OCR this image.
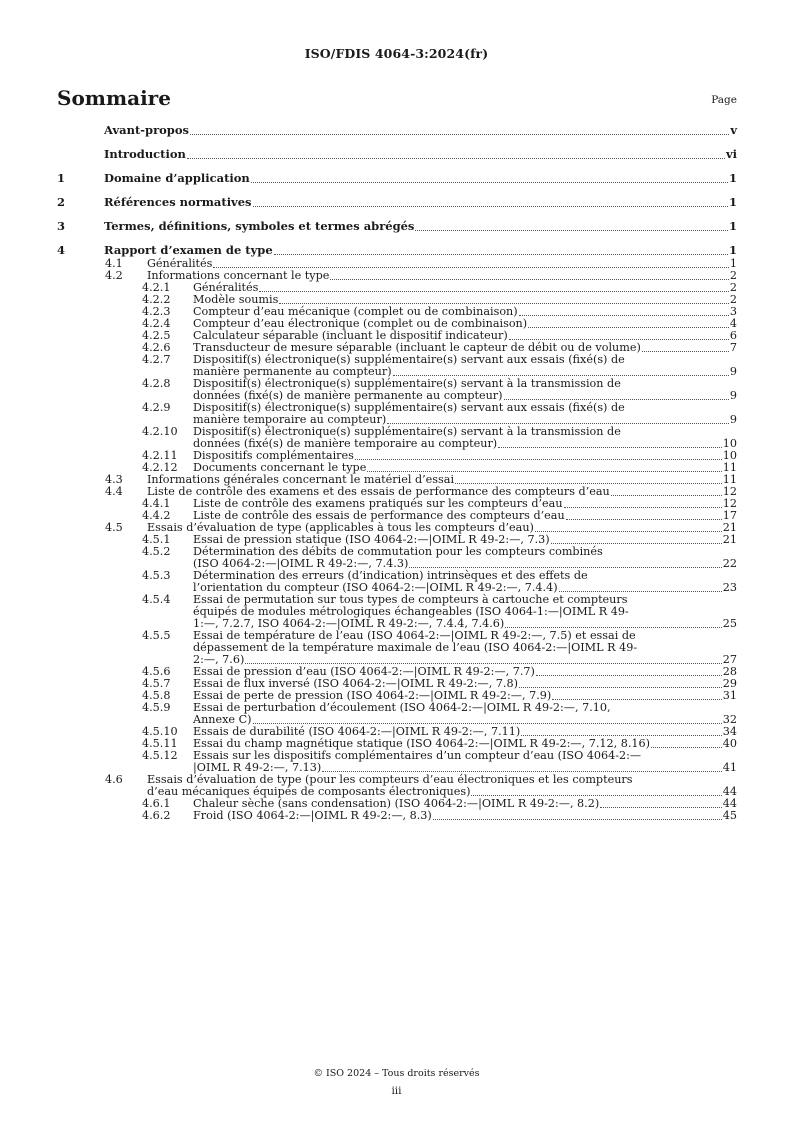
ISO/FDIS 4064-3:2024(fr)
Sommaire	Page
Avant-propos	v
Introduction	vi
1	Domaine d’application	1
2	Références normatives	1
3	Termes, définitions, symboles et termes abrégés	1
4	Rapport d’examen de type	1
4.1 Généralités	1
4.2 Informations concernant le type	2
4.2.1 Généralités	2
4.2.2 Modèle soumis	2
4.2.3 Compteur d’eau mécanique (complet ou de combinaison)	3
4.2.4 Compteur d’eau électronique (complet ou de combinaison)	4
4.2.5 Calculateur séparable (incluant le dispositif indicateur)	6
4.2.6 Transducteur de mesure séparable (incluant le capteur de débit ou de volume)	7
4.2.7 Dispositif(s) électronique(s) supplémentaire(s) servant aux essais (fixé(s) de
manière permanente au compteur)	9
4.2.8 Dispositif(s) électronique(s) supplémentaire(s) servant à la transmission de
données (fixé(s) de manière permanente au compteur)	9
4.2.9 Dispositif(s) électronique(s) supplémentaire(s) servant aux essais (fixé(s) de
manière temporaire au compteur)	9
4.2.10 Dispositif(s) électronique(s) supplémentaire(s) servant à la transmission de
données (fixé(s) de manière temporaire au compteur)	10
4.2.11 Dispositifs complémentaires	10
4.2.12 Documents concernant le type	11
4.3 Informations générales concernant le matériel d’essai	11
4.4 Liste de contrôle des examens et des essais de performance des compteurs d’eau	12
4.4.1 Liste de contrôle des examens pratiqués sur les compteurs d’eau	12
4.4.2 Liste de contrôle des essais de performance des compteurs d’eau	17
4.5 Essais d’évaluation de type (applicables à tous les compteurs d’eau)	21
4.5.1 Essai de pression statique (ISO 4064-2:—|OIML R 49-2:—, 7.3)	21
4.5.2 Détermination des débits de commutation pour les compteurs combinés
(ISO 4064-2:—|OIML R 49-2:—, 7.4.3)	22
4.5.3 Détermination des erreurs (d’indication) intrinsèques et des effets de
l’orientation du compteur (ISO 4064-2:—|OIML R 49-2:—, 7.4.4)	23
4.5.4 Essai de permutation sur tous types de compteurs à cartouche et compteurs
équipés de modules métrologiques échangeables (ISO 4064-1:—|OIML R 49-
1:—, 7.2.7, ISO 4064-2:—|OIML R 49-2:—, 7.4.4, 7.4.6)	25
4.5.5 Essai de température de l’eau (ISO 4064-2:—|OIML R 49-2:—, 7.5) et essai de
dépassement de la température maximale de l’eau (ISO 4064-2:—|OIML R 49-
2:—, 7.6)	27
4.5.6 Essai de pression d’eau (ISO 4064-2:—|OIML R 49-2:—, 7.7)	28
4.5.7 Essai de flux inversé (ISO 4064-2:—|OIML R 49-2:—, 7.8)	29
4.5.8 Essai de perte de pression (ISO 4064-2:—|OIML R 49-2:—, 7.9)	31
4.5.9 Essai de perturbation d’écoulement (ISO 4064-2:—|OIML R 49-2:—, 7.10,
Annexe C)	32
4.5.10 Essais de durabilité (ISO 4064-2:—|OIML R 49-2:—, 7.11)	34
4.5.11 Essai du champ magnétique statique (ISO 4064-2:—|OIML R 49-2:—, 7.12, 8.16)	40
4.5.12 Essais sur les dispositifs complémentaires d’un compteur d’eau (ISO 4064-2:—
|OIML R 49-2:—, 7.13)	41
4.6 Essais d’évaluation de type (pour les compteurs d’eau électroniques et les compteurs
d’eau mécaniques équipés de composants électroniques)	44
4.6.1 Chaleur sèche (sans condensation) (ISO 4064-2:—|OIML R 49-2:—, 8.2)	44
4.6.2 Froid (ISO 4064-2:—|OIML R 49-2:—, 8.3)	45
© ISO 2024 – Tous droits réservés
iii
